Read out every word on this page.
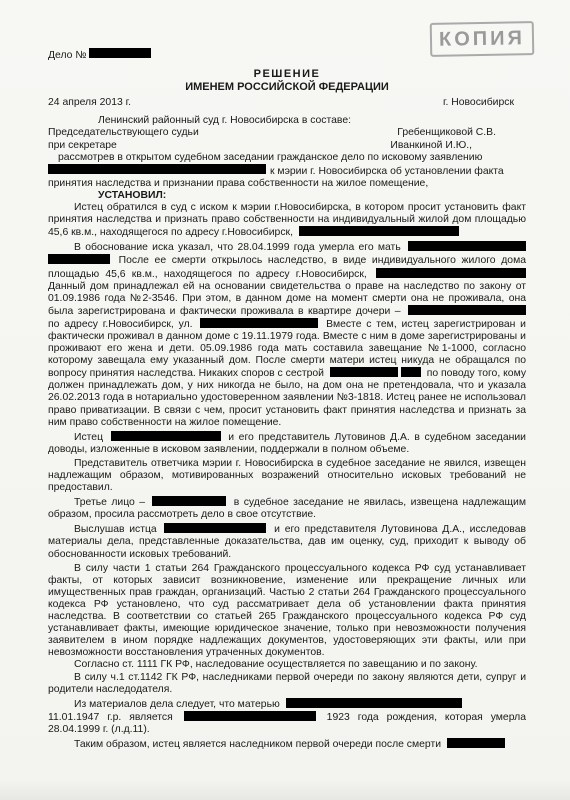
КОПИЯ
Дело №
РЕШЕНИЕ
ИМЕНЕМ РОССИЙСКОЙ ФЕДЕРАЦИИ
24 апреля 2013 г.	г. Новосибирск
Ленинский районный суд г. Новосибирска в составе:
Председательствующего судьи	Гребенщиковой С.В.
при секретаре	Иванкиной И.Ю.,
рассмотрев в открытом судебном заседании гражданское дело по исковому заявлению
к мэрии г. Новосибирска об установлении факта
принятия наследства и признании права собственности на жилое помещение,
УСТАНОВИЛ:
Истец обратился в суд с иском к мэрии г.Новосибирска, в котором просит установить факт принятия наследства и признать право собственности на индивидуальный жилой дом площадью 45,6 кв.м., находящегося по адресу г.Новосибирск,
В обоснование иска указал, что 28.04.1999 года умерла его мать   После ее смерти открылось наследство, в виде индивидуального жилого дома площадью 45,6 кв.м., находящегося по адресу г.Новосибирск,  Данный дом принадлежал ей на основании свидетельства о праве на наследство по закону от 01.09.1986 года №2-3546. При этом, в данном доме на момент смерти она не проживала, она была зарегистрирована и фактически проживала в квартире дочери –  по адресу г.Новосибирск, ул.	Вместе с тем, истец зарегистрирован и фактически проживал в данном доме с 19.11.1979 года. Вместе с ним в доме зарегистрированы и проживают его жена и дети. 05.09.1986 года мать составила завещание №1-1000, согласно которому завещала ему указанный дом. После смерти матери истец никуда не обращался по вопросу принятия наследства. Никаких споров с сестрой	по поводу того, кому должен принадлежать дом, у них никогда не было, на дом она не претендовала, что и указала 26.02.2013 года в нотариально удостоверенном заявлении №3-1818. Истец ранее не использовал право приватизации. В связи с чем, просит установить факт принятия наследства и признать за ним право собственности на жилое помещение.
Истец	и его представитель Лутовинов Д.А. в судебном заседании доводы, изложенные в исковом заявлении, поддержали в полном объеме.
Представитель ответчика мэрии г. Новосибирска в судебное заседание не явился, извещен надлежащим образом, мотивированных возражений относительно исковых требований не предоставил.
Третье лицо –	в судебное заседание не явилась, извещена надлежащим образом, просила рассмотреть дело в свое отсутствие.
Выслушав истца	и его представителя Лутовинова Д.А., исследовав материалы дела, представленные доказательства, дав им оценку, суд, приходит к выводу об обоснованности исковых требований.
В силу части 1 статьи 264 Гражданского процессуального кодекса РФ суд устанавливает факты, от которых зависит возникновение, изменение или прекращение личных или имущественных прав граждан, организаций. Частью 2 статьи 264 Гражданского процессуального кодекса РФ установлено, что суд рассматривает дела об установлении факта принятия наследства. В соответствии со статьей 265 Гражданского процессуального кодекса РФ суд устанавливает факты, имеющие юридическое значение, только при невозможности получения заявителем в ином порядке надлежащих документов, удостоверяющих эти факты, или при невозможности восстановления утраченных документов.
Согласно ст. 1111 ГК РФ, наследование осуществляется по завещанию и по закону.
В силу ч.1 ст.1142 ГК РФ, наследниками первой очереди по закону являются дети, супруг и родители наследодателя.
Из материалов дела следует, что матерью
11.01.1947 г.р. является	1923 года рождения, которая умерла 28.04.1999 г. (л.д.11).
Таким образом, истец является наследником первой очереди после смерти
